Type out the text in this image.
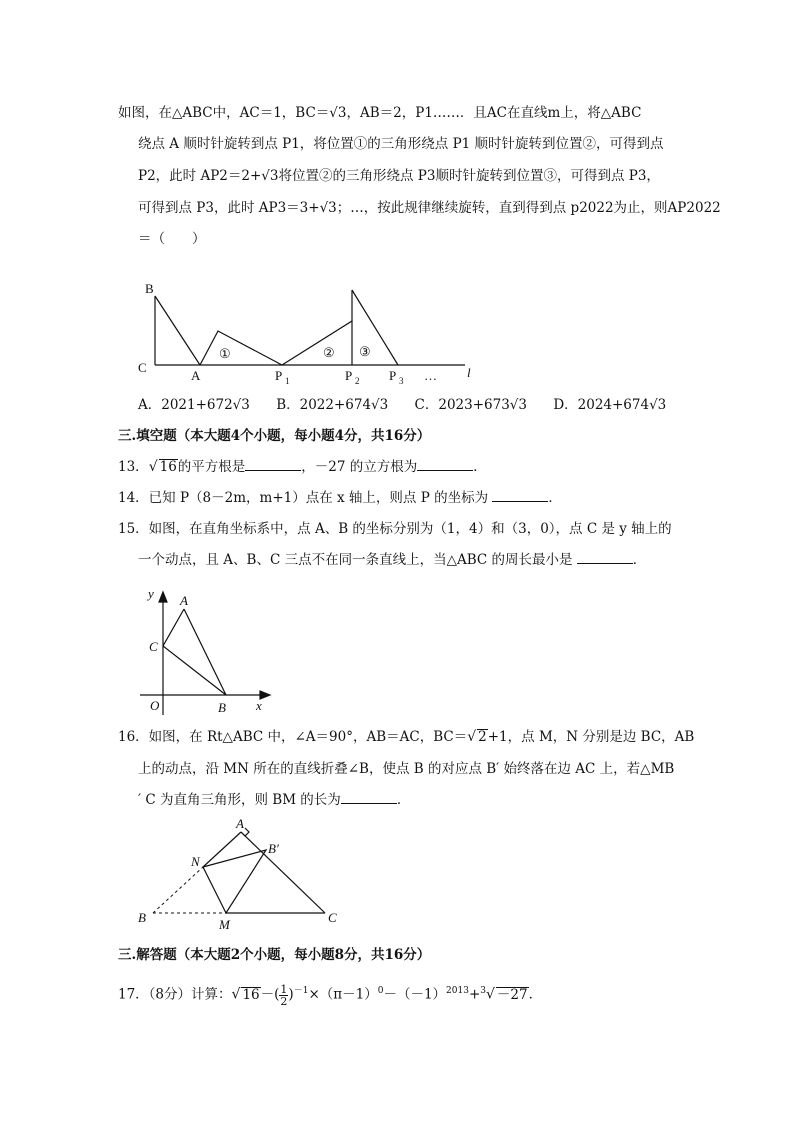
如图，在△ABC中，AC＝1，BC＝√3，AB＝2，P1……．且AC在直线m上，将△ABC
绕点 A 顺时针旋转到点 P1，将位置①的三角形绕点 P1 顺时针旋转到位置②，可得到点
P2，此时 AP2＝2+√3将位置②的三角形绕点 P3顺时针旋转到位置③，可得到点 P3，
可得到点 P3，此时 AP3＝3+√3；…，按此规律继续旋转，直到得到点 p2022为止，则AP2022
＝（　　）
B
C
A	P 1	P 2 P 3
①	② ③
… l
A．2021+672√3 B．2022+674√3 C．2023+673√3 D．2024+674√3
三.填空题（本大题4个小题，每小题4分，共16分）
13．√ 16的平方根是	，－27 的立方根为	．
14．已知 P（8－2m，m+1）点在 x 轴上，则点 P 的坐标为	．
15．如图，在直角坐标系中，点 A、B 的坐标分别为（1，4）和（3，0），点 C 是 y 轴上的
一个动点，且 A、B、C 三点不在同一条直线上，当△ABC 的周长最小是	．
y
x
A
C
O	B
16．如图，在 Rt△ABC 中，∠A＝90°，AB＝AC，BC＝√ 2+1，点 M，N 分别是边 BC，AB
上的动点，沿 MN 所在的直线折叠∠B，使点 B 的对应点 B′ 始终落在边 AC 上，若△MB
′ C 为直角三角形，则 BM 的长为	．
A
B′
N
B	M	C
三.解答题（本大题2个小题，每小题8分，共16分）
17．（8分）计算：√ $16-( \frac{1}{2} )^{-1}\times(\pi-1)^0-(-1)^{2013}+^3√ -27$．
